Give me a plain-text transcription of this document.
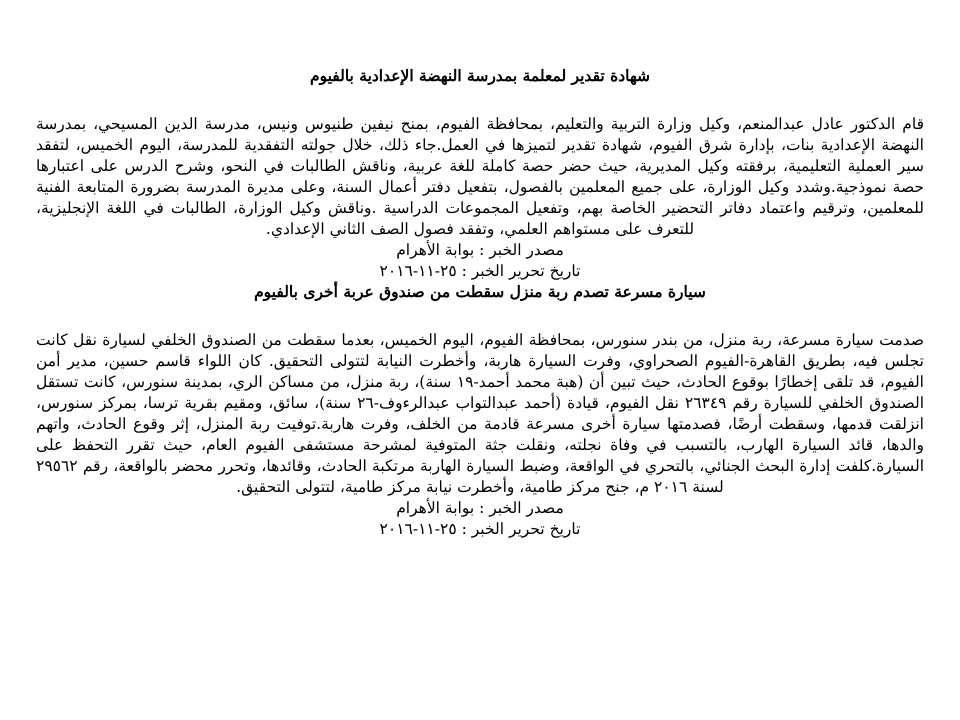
شهادة تقدير لمعلمة بمدرسة النهضة الإعدادية بالفيوم

قام الدكتور عادل عبدالمنعم، وكيل وزارة التربية والتعليم، بمحافظة الفيوم، بمنح نيفين طنيوس ونيس، مدرسة الدين المسيحي، بمدرسة النهضة الإعدادية بنات، بإدارة شرق الفيوم، شهادة تقدير لتميزها في العمل.جاء ذلك، خلال جولته التفقدية للمدرسة، اليوم الخميس، لتفقد سير العملية التعليمية، برفقته وكيل المديرية، حيث حضر حصة كاملة للغة عربية، وناقش الطالبات في النحو، وشرح الدرس على اعتبارها حصة نموذجية.وشدد وكيل الوزارة، على جميع المعلمين بالفصول، بتفعيل دفتر أعمال السنة، وعلى مديرة المدرسة بضرورة المتابعة الفنية للمعلمين، وترقيم واعتماد دفاتر التحضير الخاصة بهم، وتفعيل المجموعات الدراسية .وناقش وكيل الوزارة، الطالبات في اللغة الإنجليزية، للتعرف على مستواهم العلمي، وتفقد فصول الصف الثاني الإعدادي.

مصدر الخبر : بوابة الأهرام

تاريخ تحرير الخبر : ٢٥-١١-٢٠١٦

سيارة مسرعة تصدم ربة منزل سقطت من صندوق عربة أخرى بالفيوم

صدمت سيارة مسرعة، ربة منزل، من بندر سنورس، بمحافظة الفيوم، اليوم الخميس، بعدما سقطت من الصندوق الخلفي لسيارة نقل كانت تجلس فيه، بطريق القاهرة-الفيوم الصحراوي، وفرت السيارة هاربة، وأخطرت النيابة لتتولى التحقيق. كان اللواء قاسم حسين، مدير أمن الفيوم، قد تلقى إخطارًا بوقوع الحادث، حيث تبين أن (هبة محمد أحمد-١٩ سنة)، ربة منزل، من مساكن الري، بمدينة سنورس، كانت تستقل الصندوق الخلفي للسيارة رقم ٢٦٣٤٩ نقل الفيوم، قيادة (أحمد عبدالتواب عبدالرءوف-٢٦ سنة)، سائق، ومقيم بقرية ترسا، بمركز سنورس، انزلقت قدمها، وسقطت أرضًا، فصدمتها سيارة أخرى مسرعة قادمة من الخلف، وفرت هاربة.توفيت ربة المنزل، إثر وقوع الحادث، واتهم والدها، قائد السيارة الهارب، بالتسبب في وفاة نجلته، ونقلت جثة المتوفية لمشرحة مستشفى الفيوم العام، حيث تقرر التحفظ على السيارة.كلفت إدارة البحث الجنائي، بالتحري في الواقعة، وضبط السيارة الهاربة مرتكبة الحادث، وقائدها، وتحرر محضر بالواقعة، رقم ٢٩٥٦٢ لسنة ٢٠١٦ م، جنح مركز طامية، وأخطرت نيابة مركز طامية، لتتولى التحقيق.

مصدر الخبر : بوابة الأهرام

تاريخ تحرير الخبر : ٢٥-١١-٢٠١٦
